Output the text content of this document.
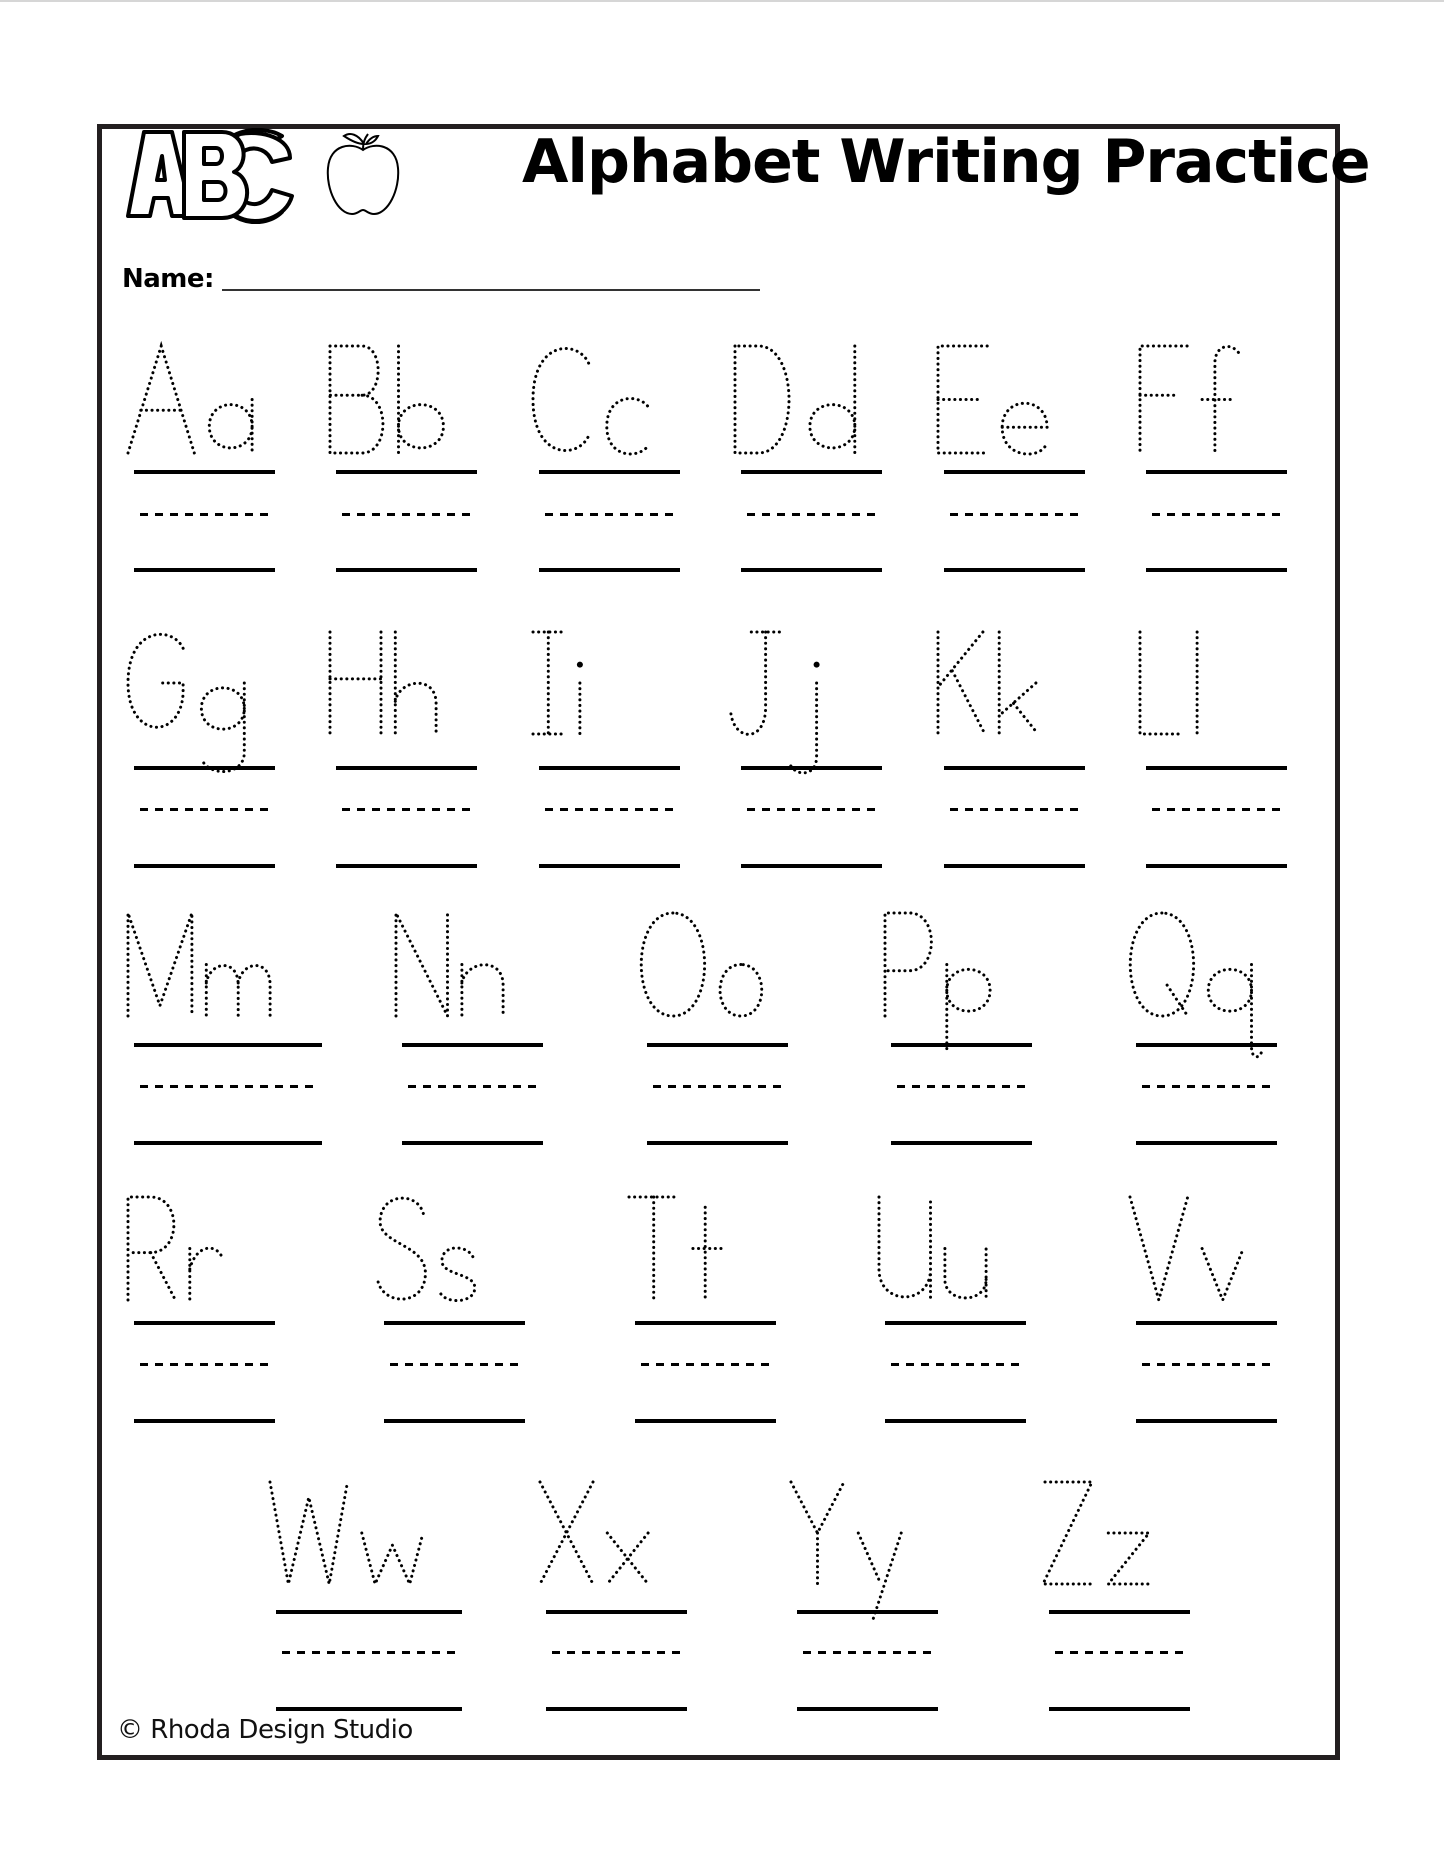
Alphabet Writing Practice
Name:
© Rhoda Design Studio
